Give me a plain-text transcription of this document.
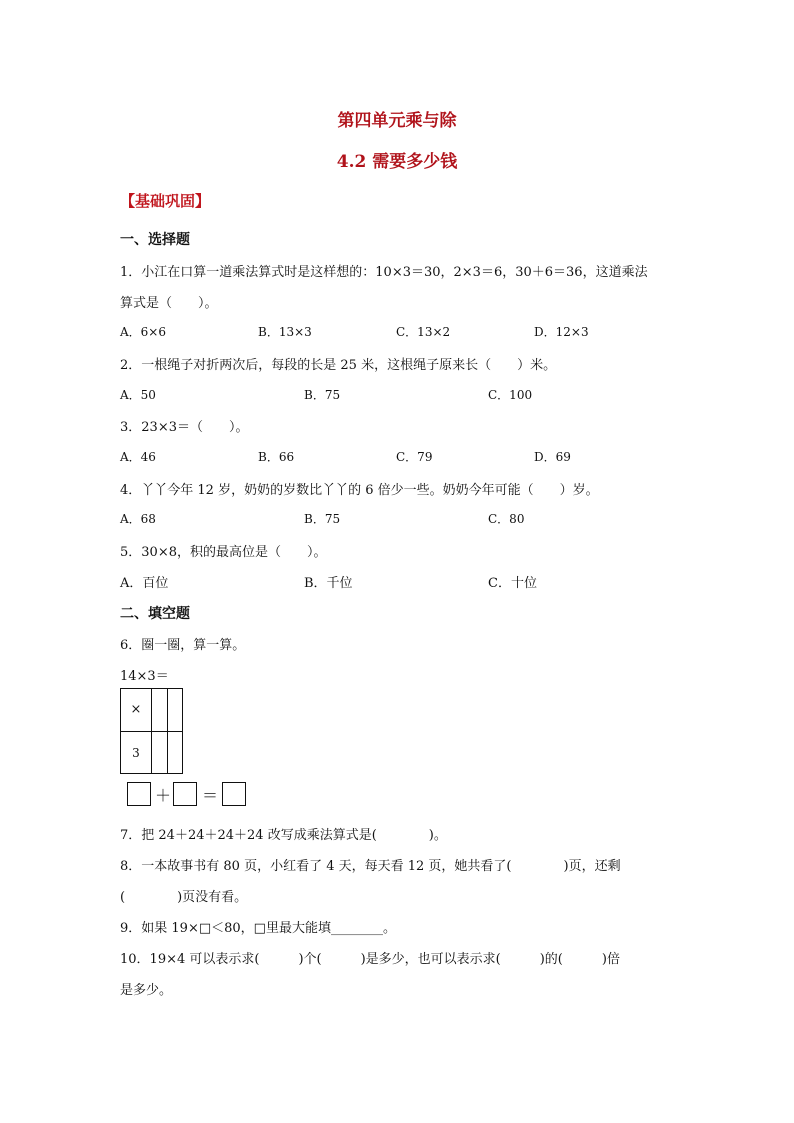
第四单元乘与除
4.2 需要多少钱
【基础巩固】
一、选择题
1．小江在口算一道乘法算式时是这样想的：10×3＝30，2×3＝6，30＋6＝36，这道乘法
算式是（　　）。
A．6×6	B．13×3	C．13×2	D．12×3
2．一根绳子对折两次后，每段的长是 25 米，这根绳子原来长（　　）米。
A．50	B．75	C．100
3．23×3＝（　　）。
A．46	B．66	C．79	D．69
4．丫丫今年 12 岁，奶奶的岁数比丫丫的 6 倍少一些。奶奶今年可能（　　）岁。
A．68	B．75	C．80
5．30×8，积的最高位是（　　）。
A．百位	B．千位	C．十位
二、填空题
6．圈一圈，算一算。
14×3＝
×
3
＋ ＝
7．把 24＋24＋24＋24 改写成乘法算式是(　　　　)。
8．一本故事书有 80 页，小红看了 4 天，每天看 12 页，她共看了(　　　　)页，还剩
(　　　　)页没有看。
9．如果 19×□＜80，□里最大能填________。
10．19×4 可以表示求(　　　)个(　　　)是多少，也可以表示求(　　　)的(　　　)倍
是多少。
